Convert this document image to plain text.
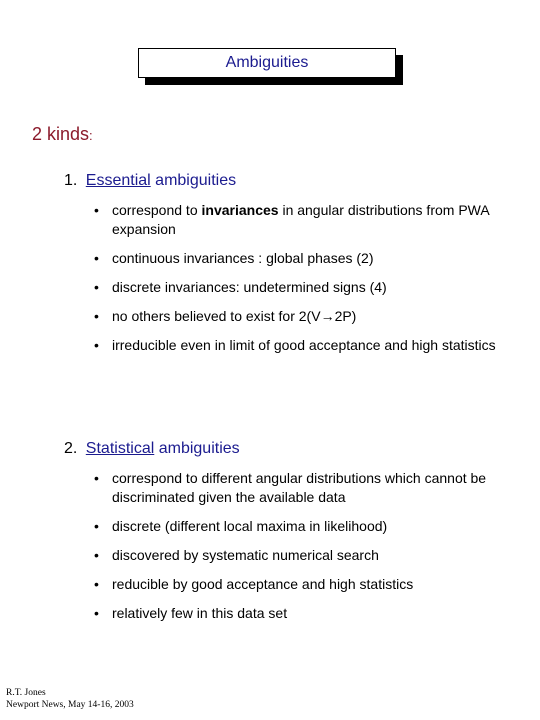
Ambiguities
2 kinds:
1. Essential ambiguities
• correspond to invariances in angular distributions from PWA expansion
• continuous invariances : global phases (2)
• discrete invariances: undetermined signs (4)
• no others believed to exist for 2(V→2P)
• irreducible even in limit of good acceptance and high statistics
2. Statistical ambiguities
• correspond to different angular distributions which cannot be discriminated given the available data
• discrete (different local maxima in likelihood)
• discovered by systematic numerical search
• reducible by good acceptance and high statistics
• relatively few in this data set
R.T. Jones
Newport News, May 14-16, 2003
